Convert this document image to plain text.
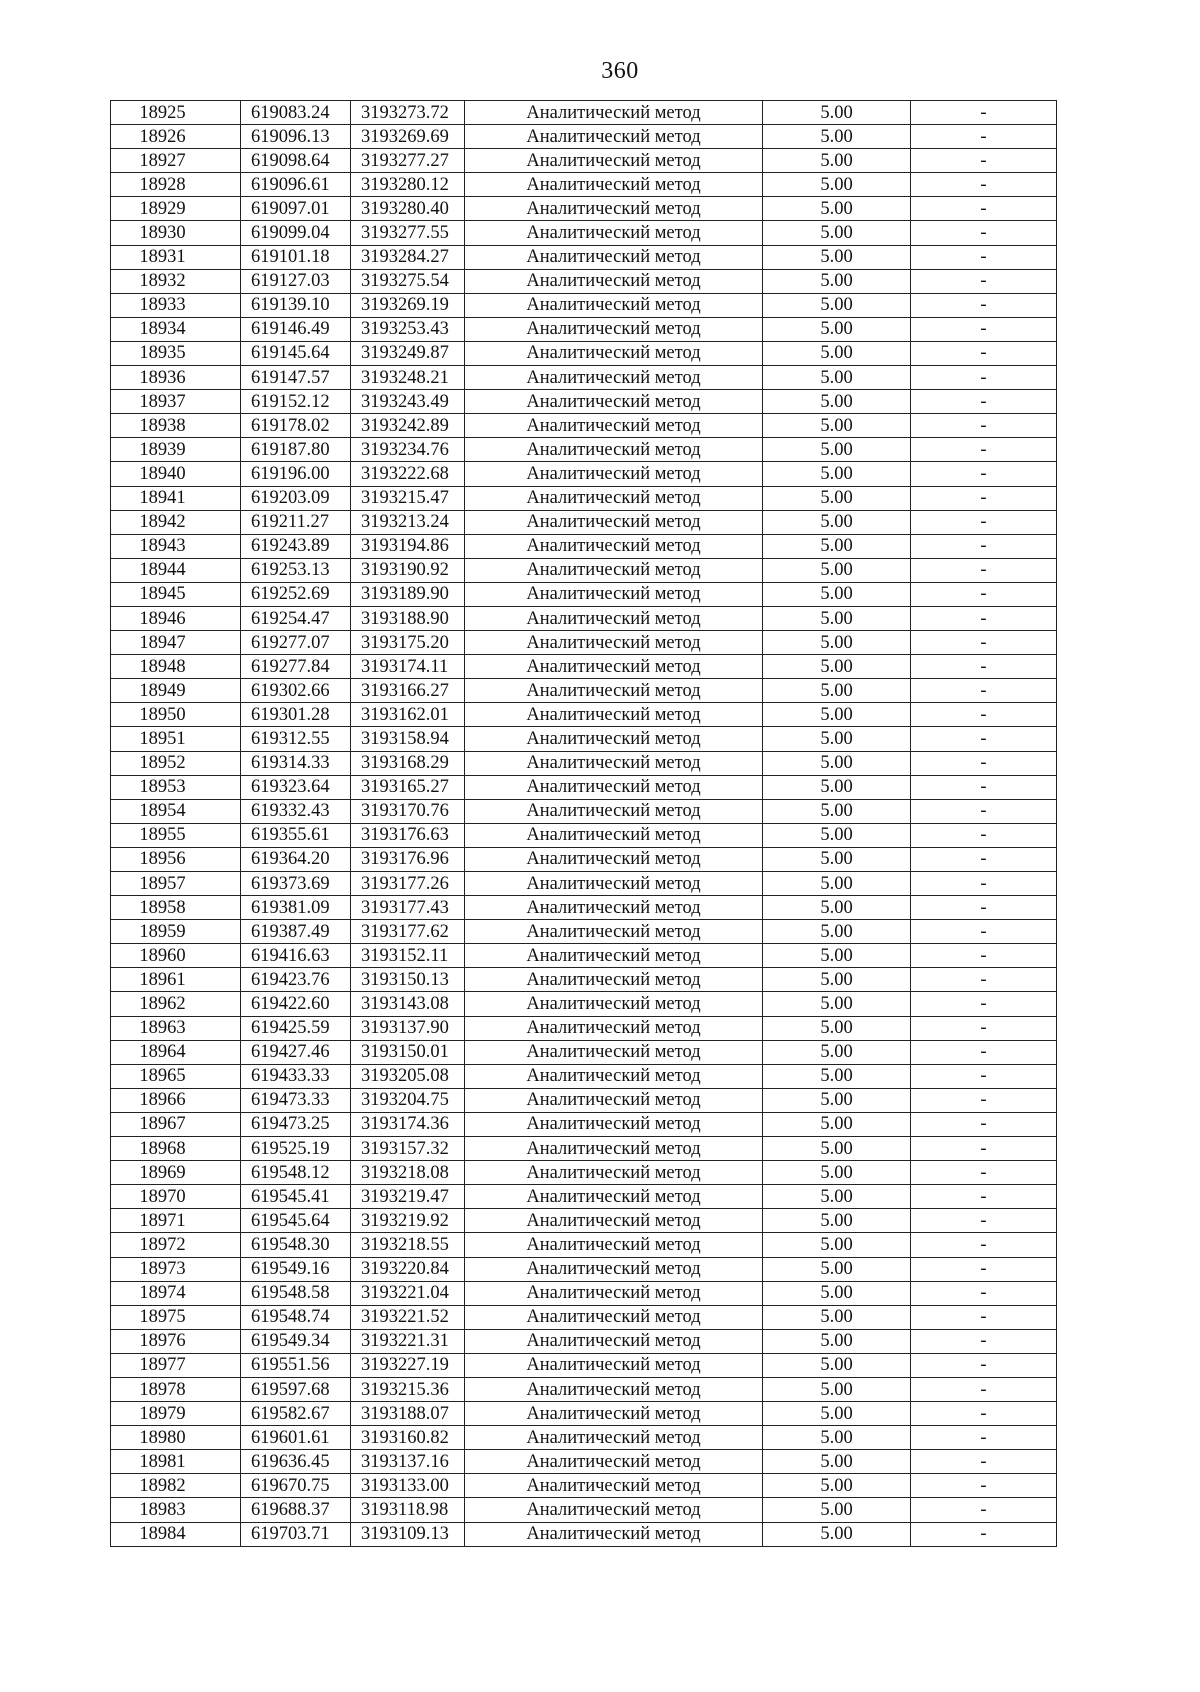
360
18925	619083.24	3193273.72	Аналитический метод	5.00	-
18926	619096.13	3193269.69	Аналитический метод	5.00	-
18927	619098.64	3193277.27	Аналитический метод	5.00	-
18928	619096.61	3193280.12	Аналитический метод	5.00	-
18929	619097.01	3193280.40	Аналитический метод	5.00	-
18930	619099.04	3193277.55	Аналитический метод	5.00	-
18931	619101.18	3193284.27	Аналитический метод	5.00	-
18932	619127.03	3193275.54	Аналитический метод	5.00	-
18933	619139.10	3193269.19	Аналитический метод	5.00	-
18934	619146.49	3193253.43	Аналитический метод	5.00	-
18935	619145.64	3193249.87	Аналитический метод	5.00	-
18936	619147.57	3193248.21	Аналитический метод	5.00	-
18937	619152.12	3193243.49	Аналитический метод	5.00	-
18938	619178.02	3193242.89	Аналитический метод	5.00	-
18939	619187.80	3193234.76	Аналитический метод	5.00	-
18940	619196.00	3193222.68	Аналитический метод	5.00	-
18941	619203.09	3193215.47	Аналитический метод	5.00	-
18942	619211.27	3193213.24	Аналитический метод	5.00	-
18943	619243.89	3193194.86	Аналитический метод	5.00	-
18944	619253.13	3193190.92	Аналитический метод	5.00	-
18945	619252.69	3193189.90	Аналитический метод	5.00	-
18946	619254.47	3193188.90	Аналитический метод	5.00	-
18947	619277.07	3193175.20	Аналитический метод	5.00	-
18948	619277.84	3193174.11	Аналитический метод	5.00	-
18949	619302.66	3193166.27	Аналитический метод	5.00	-
18950	619301.28	3193162.01	Аналитический метод	5.00	-
18951	619312.55	3193158.94	Аналитический метод	5.00	-
18952	619314.33	3193168.29	Аналитический метод	5.00	-
18953	619323.64	3193165.27	Аналитический метод	5.00	-
18954	619332.43	3193170.76	Аналитический метод	5.00	-
18955	619355.61	3193176.63	Аналитический метод	5.00	-
18956	619364.20	3193176.96	Аналитический метод	5.00	-
18957	619373.69	3193177.26	Аналитический метод	5.00	-
18958	619381.09	3193177.43	Аналитический метод	5.00	-
18959	619387.49	3193177.62	Аналитический метод	5.00	-
18960	619416.63	3193152.11	Аналитический метод	5.00	-
18961	619423.76	3193150.13	Аналитический метод	5.00	-
18962	619422.60	3193143.08	Аналитический метод	5.00	-
18963	619425.59	3193137.90	Аналитический метод	5.00	-
18964	619427.46	3193150.01	Аналитический метод	5.00	-
18965	619433.33	3193205.08	Аналитический метод	5.00	-
18966	619473.33	3193204.75	Аналитический метод	5.00	-
18967	619473.25	3193174.36	Аналитический метод	5.00	-
18968	619525.19	3193157.32	Аналитический метод	5.00	-
18969	619548.12	3193218.08	Аналитический метод	5.00	-
18970	619545.41	3193219.47	Аналитический метод	5.00	-
18971	619545.64	3193219.92	Аналитический метод	5.00	-
18972	619548.30	3193218.55	Аналитический метод	5.00	-
18973	619549.16	3193220.84	Аналитический метод	5.00	-
18974	619548.58	3193221.04	Аналитический метод	5.00	-
18975	619548.74	3193221.52	Аналитический метод	5.00	-
18976	619549.34	3193221.31	Аналитический метод	5.00	-
18977	619551.56	3193227.19	Аналитический метод	5.00	-
18978	619597.68	3193215.36	Аналитический метод	5.00	-
18979	619582.67	3193188.07	Аналитический метод	5.00	-
18980	619601.61	3193160.82	Аналитический метод	5.00	-
18981	619636.45	3193137.16	Аналитический метод	5.00	-
18982	619670.75	3193133.00	Аналитический метод	5.00	-
18983	619688.37	3193118.98	Аналитический метод	5.00	-
18984	619703.71	3193109.13	Аналитический метод	5.00	-
